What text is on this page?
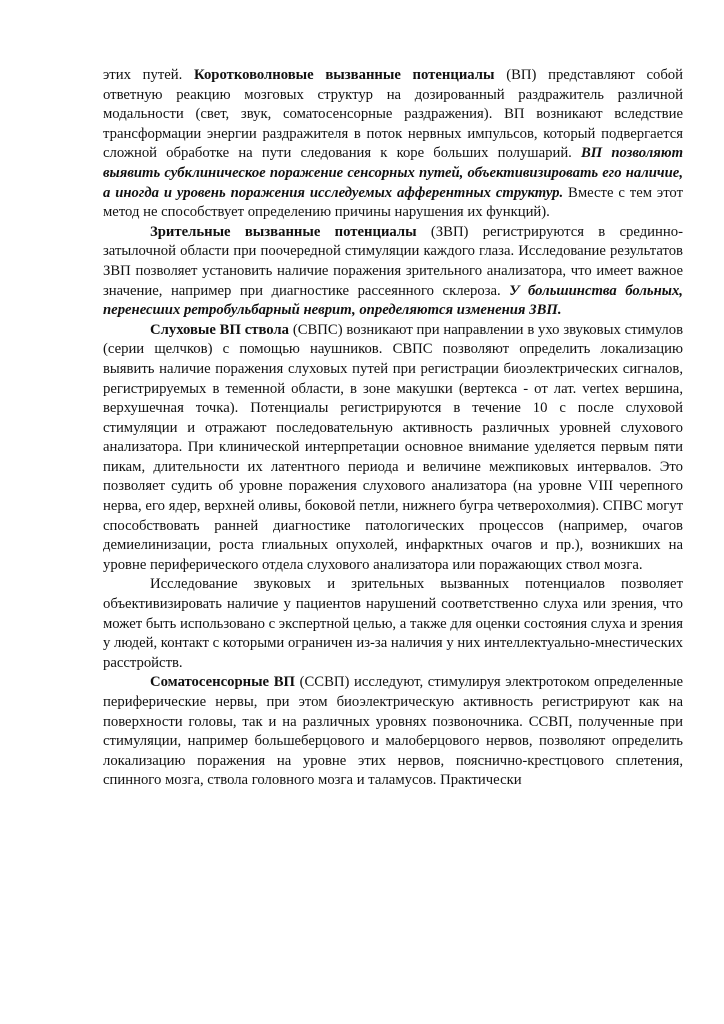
этих путей. Коротковолновые вызванные потенциалы (ВП) представляют собой ответную реакцию мозговых структур на дозированный раздражитель различной модальности (свет, звук, соматосенсорные раздражения). ВП возникают вследствие трансформации энергии раздражителя в поток нервных импульсов, который подвергается сложной обработке на пути следования к коре больших полушарий. ВП позволяют выявить субклиническое поражение сенсорных путей, объективизировать его наличие, а иногда и уровень поражения исследуемых афферентных структур. Вместе с тем этот метод не способствует определению причины нарушения их функций).

Зрительные вызванные потенциалы (ЗВП) регистрируются в срединно-затылочной области при поочередной стимуляции каждого глаза. Исследование результатов ЗВП позволяет установить наличие поражения зрительного анализатора, что имеет важное значение, например при диагностике рассеянного склероза. У большинства больных, перенесших ретробульбарный неврит, определяются изменения ЗВП.

Слуховые ВП ствола (СВПС) возникают при направлении в ухо звуковых стимулов (серии щелчков) с помощью наушников. СВПС позволяют определить локализацию выявить наличие поражения слуховых путей при регистрации биоэлектрических сигналов, регистрируемых в теменной области, в зоне макушки (вертекса - от лат. vertex вершина, верхушечная точка). Потенциалы регистрируются в течение 10 с после слуховой стимуляции и отражают последовательную активность различных уровней слухового анализатора. При клинической интерпретации основное внимание уделяется первым пяти пикам, длительности их латентного периода и величине межпиковых интервалов. Это позволяет судить об уровне поражения слухового анализатора (на уровне VIII черепного нерва, его ядер, верхней оливы, боковой петли, нижнего бугра четверохолмия). СПВС могут способствовать ранней диагностике патологических процессов (например, очагов демиелинизации, роста глиальных опухолей, инфарктных очагов и пр.), возникших на уровне периферического отдела слухового анализатора или поражающих ствол мозга.

Исследование звуковых и зрительных вызванных потенциалов позволяет объективизировать наличие у пациентов нарушений соответственно слуха или зрения, что может быть использовано с экспертной целью, а также для оценки состояния слуха и зрения у людей, контакт с которыми ограничен из-за наличия у них интеллектуально-мнестических расстройств.

Соматосенсорные ВП (ССВП) исследуют, стимулируя электротоком определенные периферические нервы, при этом биоэлектрическую активность регистрируют как на поверхности головы, так и на различных уровнях позвоночника. ССВП, полученные при стимуляции, например большеберцового и малоберцового нервов, позволяют определить локализацию поражения на уровне этих нервов, пояснично-крестцового сплетения, спинного мозга, ствола головного мозга и таламусов. Практически
